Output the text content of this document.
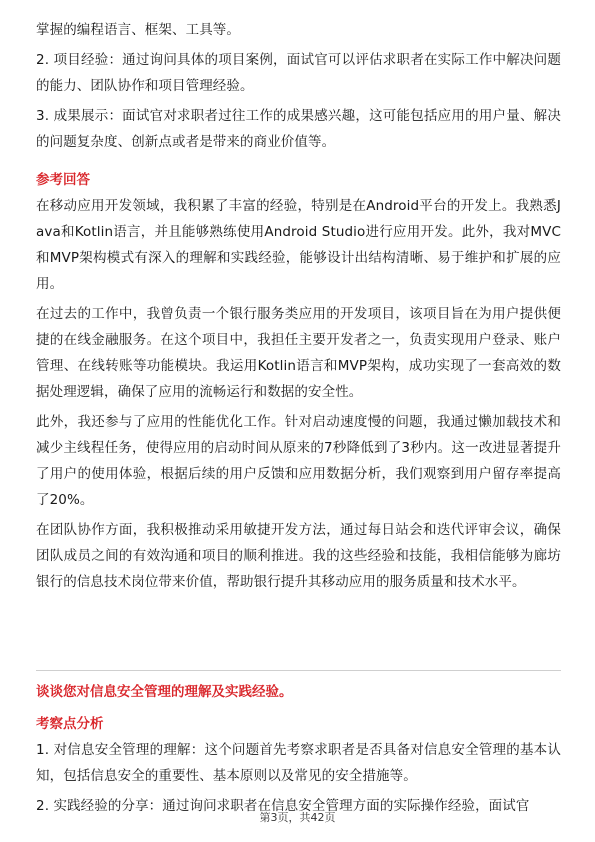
掌握的编程语言、框架、工具等。

2. 项目经验：通过询问具体的项目案例，面试官可以评估求职者在实际工作中解决问题的能力、团队协作和项目管理经验。

3. 成果展示：面试官对求职者过往工作的成果感兴趣，这可能包括应用的用户量、解决的问题复杂度、创新点或者是带来的商业价值等。

参考回答

在移动应用开发领域，我积累了丰富的经验，特别是在Android平台的开发上。我熟悉Java和Kotlin语言，并且能够熟练使用Android Studio进行应用开发。此外，我对MVC和MVP架构模式有深入的理解和实践经验，能够设计出结构清晰、易于维护和扩展的应用。

在过去的工作中，我曾负责一个银行服务类应用的开发项目，该项目旨在为用户提供便捷的在线金融服务。在这个项目中，我担任主要开发者之一，负责实现用户登录、账户管理、在线转账等功能模块。我运用Kotlin语言和MVP架构，成功实现了一套高效的数据处理逻辑，确保了应用的流畅运行和数据的安全性。

此外，我还参与了应用的性能优化工作。针对启动速度慢的问题，我通过懒加载技术和减少主线程任务，使得应用的启动时间从原来的7秒降低到了3秒内。这一改进显著提升了用户的使用体验，根据后续的用户反馈和应用数据分析，我们观察到用户留存率提高了20%。

在团队协作方面，我积极推动采用敏捷开发方法，通过每日站会和迭代评审会议，确保团队成员之间的有效沟通和项目的顺利推进。我的这些经验和技能，我相信能够为廊坊银行的信息技术岗位带来价值，帮助银行提升其移动应用的服务质量和技术水平。

谈谈您对信息安全管理的理解及实践经验。
考察点分析

1. 对信息安全管理的理解：这个问题首先考察求职者是否具备对信息安全管理的基本认知，包括信息安全的重要性、基本原则以及常见的安全措施等。

2. 实践经验的分享：通过询问求职者在信息安全管理方面的实际操作经验，面试官

第3页，共42页
